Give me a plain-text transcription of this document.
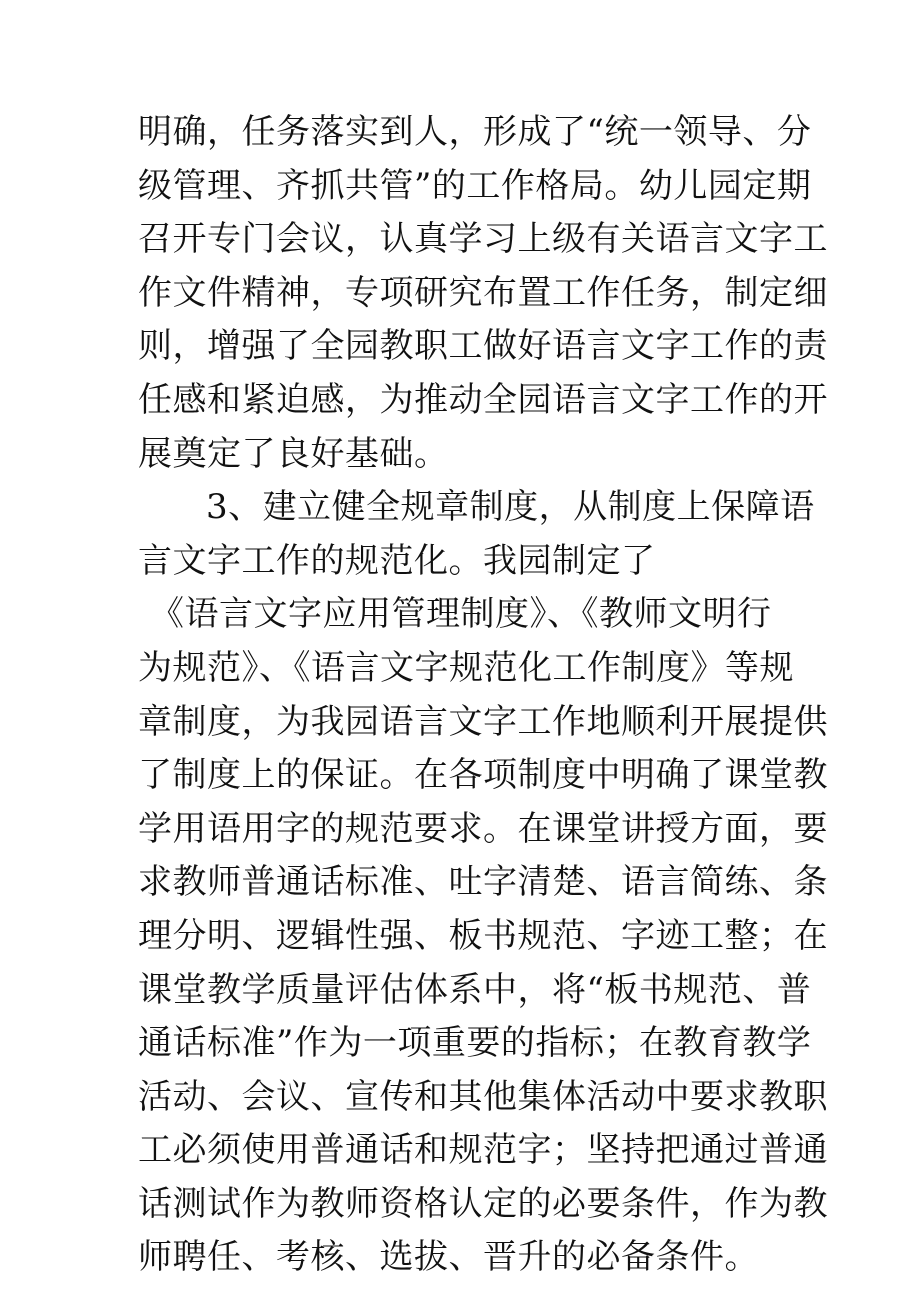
明确，任务落实到人，形成了“统一领导、分
级管理、齐抓共管”的工作格局。幼儿园定期
召开专门会议，认真学习上级有关语言文字工
作文件精神，专项研究布置工作任务，制定细
则，增强了全园教职工做好语言文字工作的责
任感和紧迫感，为推动全园语言文字工作的开
展奠定了良好基础。
3、建立健全规章制度，从制度上保障语
言文字工作的规范化。我园制定了
《语言文字应用管理制度》、《教师文明行
为规范》、《语言文字规范化工作制度》等规
章制度，为我园语言文字工作地顺利开展提供
了制度上的保证。在各项制度中明确了课堂教
学用语用字的规范要求。在课堂讲授方面，要
求教师普通话标准、吐字清楚、语言简练、条
理分明、逻辑性强、板书规范、字迹工整；在
课堂教学质量评估体系中，将“板书规范、普
通话标准”作为一项重要的指标；在教育教学
活动、会议、宣传和其他集体活动中要求教职
工必须使用普通话和规范字；坚持把通过普通
话测试作为教师资格认定的必要条件，作为教
师聘任、考核、选拔、晋升的必备条件。
